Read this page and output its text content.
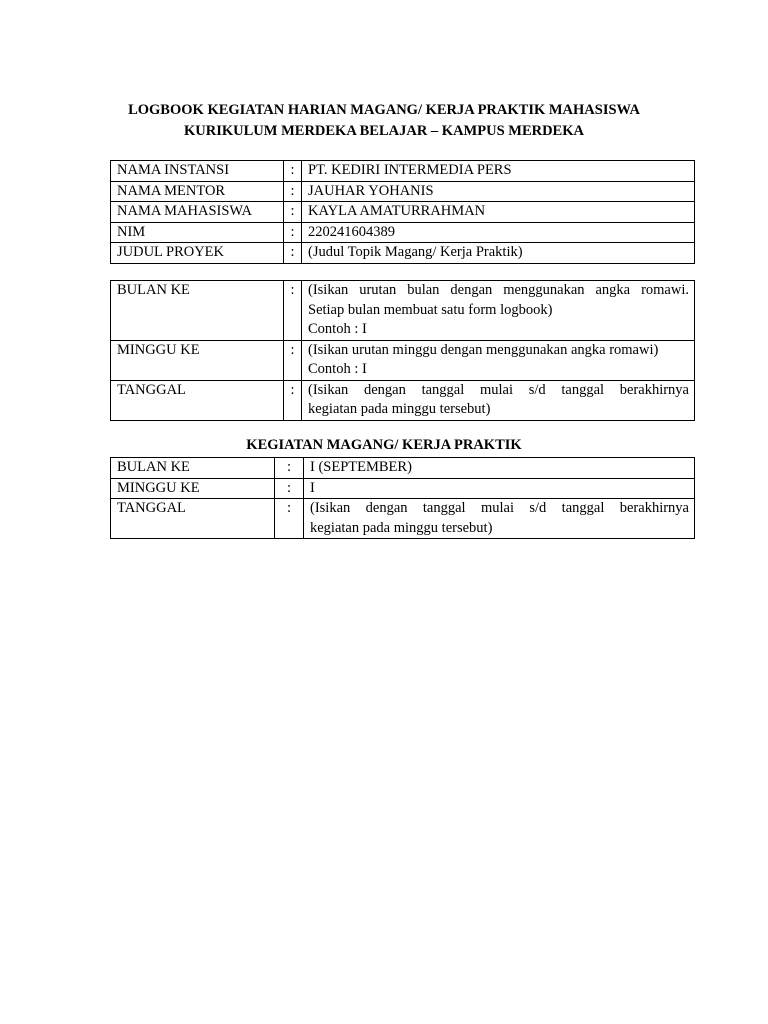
LOGBOOK KEGIATAN HARIAN MAGANG/ KERJA PRAKTIK MAHASISWA
KURIKULUM MERDEKA BELAJAR – KAMPUS MERDEKA
NAMA INSTANSI	:	PT. KEDIRI INTERMEDIA PERS
NAMA MENTOR	:	JAUHAR YOHANIS
NAMA MAHASISWA	:	KAYLA AMATURRAHMAN
NIM	:	220241604389
JUDUL PROYEK	:	(Judul Topik Magang/ Kerja Praktik)
BULAN KE	:	(Isikan urutan bulan dengan menggunakan angka romawi.
Setiap bulan membuat satu form logbook)
Contoh : I

MINGGU KE	:	(Isikan urutan minggu dengan menggunakan angka romawi)
Contoh : I

TANGGAL	:	(Isikan dengan tanggal mulai s/d tanggal berakhirnya
kegiatan pada minggu tersebut)
KEGIATAN MAGANG/ KERJA PRAKTIK
BULAN KE	:	I (SEPTEMBER)

MINGGU KE	:	I

TANGGAL	:	(Isikan dengan tanggal mulai s/d tanggal berakhirnya
kegiatan pada minggu tersebut)
